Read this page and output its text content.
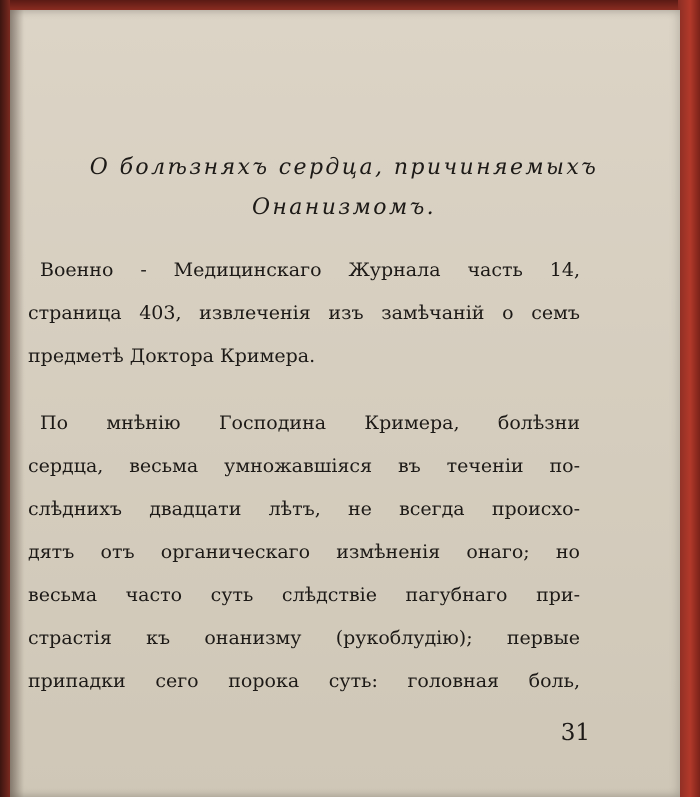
О болѣзняхъ сердца, причиняемыхъ
Онанизмомъ.
Военно - Медицинскаго Журнала часть 14,
страница 403, извлеченія изъ замѣчаній о семъ
предметѣ Доктора Кримера.
По мнѣнію Господина Кримера, болѣзни
сердца, весьма умножавшіяся въ теченіи по-
слѣднихъ двадцати лѣтъ, не всегда происхо-
дятъ отъ органическаго измѣненія онаго; но
весьма часто суть слѣдствіе пагубнаго при-
страстія къ онанизму (рукоблудію); первые
припадки сего порока суть: головная боль,
31
